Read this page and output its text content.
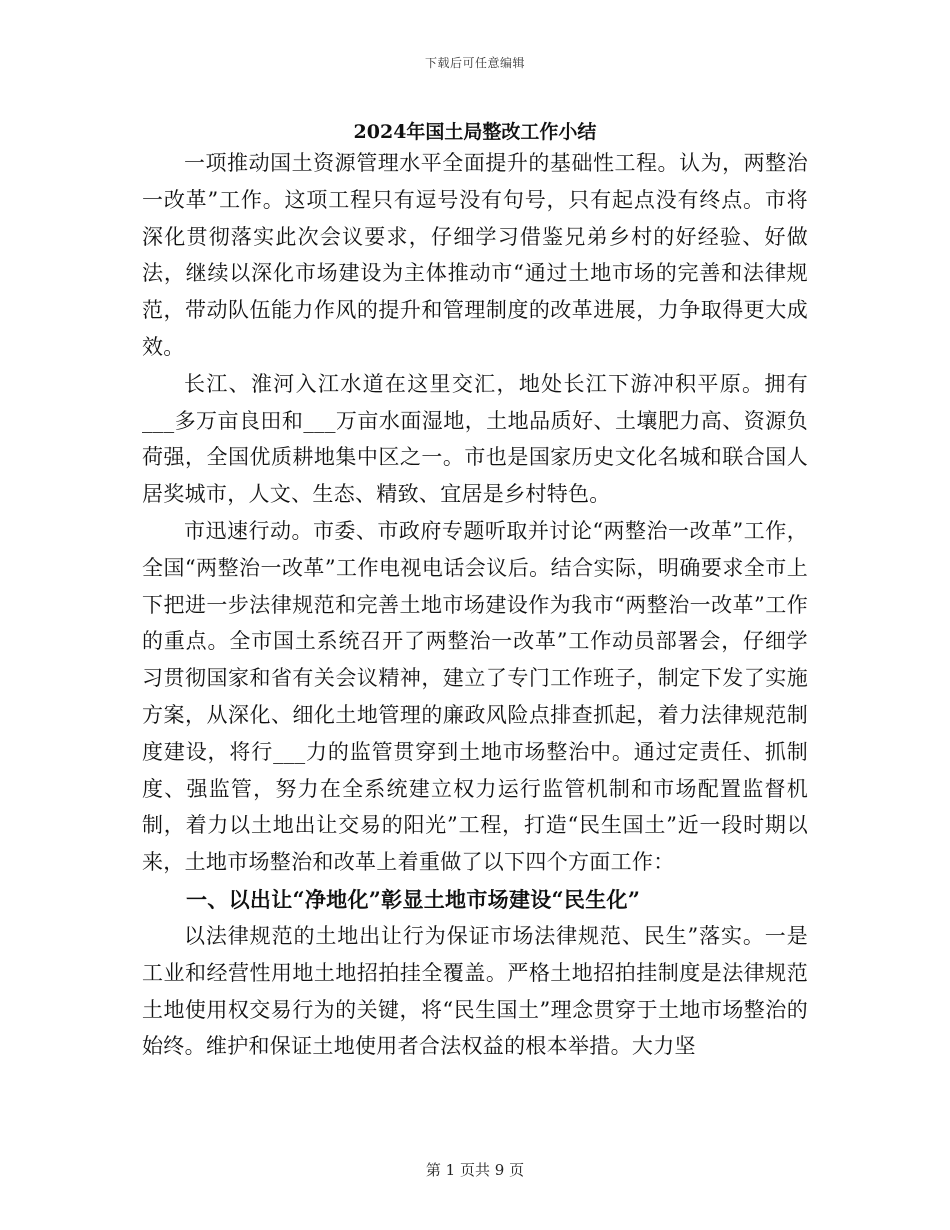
下载后可任意编辑
2024年国土局整改工作小结

一项推动国土资源管理水平全面提升的基础性工程。认为，两整治一改革”工作。这项工程只有逗号没有句号，只有起点没有终点。市将深化贯彻落实此次会议要求，仔细学习借鉴兄弟乡村的好经验、好做法，继续以深化市场建设为主体推动市“通过土地市场的完善和法律规范，带动队伍能力作风的提升和管理制度的改革进展，力争取得更大成效。

长江、淮河入江水道在这里交汇，地处长江下游冲积平原。拥有___多万亩良田和___万亩水面湿地，土地品质好、土壤肥力高、资源负荷强，全国优质耕地集中区之一。市也是国家历史文化名城和联合国人居奖城市，人文、生态、精致、宜居是乡村特色。

市迅速行动。市委、市政府专题听取并讨论“两整治一改革”工作，全国“两整治一改革”工作电视电话会议后。结合实际，明确要求全市上下把进一步法律规范和完善土地市场建设作为我市“两整治一改革”工作的重点。全市国土系统召开了两整治一改革”工作动员部署会，仔细学习贯彻国家和省有关会议精神，建立了专门工作班子，制定下发了实施方案，从深化、细化土地管理的廉政风险点排查抓起，着力法律规范制度建设，将行___力的监管贯穿到土地市场整治中。通过定责任、抓制度、强监管，努力在全系统建立权力运行监管机制和市场配置监督机制，着力以土地出让交易的阳光”工程，打造“民生国土”近一段时期以来，土地市场整治和改革上着重做了以下四个方面工作：

一、以出让“净地化”彰显土地市场建设“民生化”

以法律规范的土地出让行为保证市场法律规范、民生”落实。一是工业和经营性用地土地招拍挂全覆盖。严格土地招拍挂制度是法律规范土地使用权交易行为的关键，将“民生国土”理念贯穿于土地市场整治的始终。维护和保证土地使用者合法权益的根本举措。大力坚

第 1 页共 9 页
